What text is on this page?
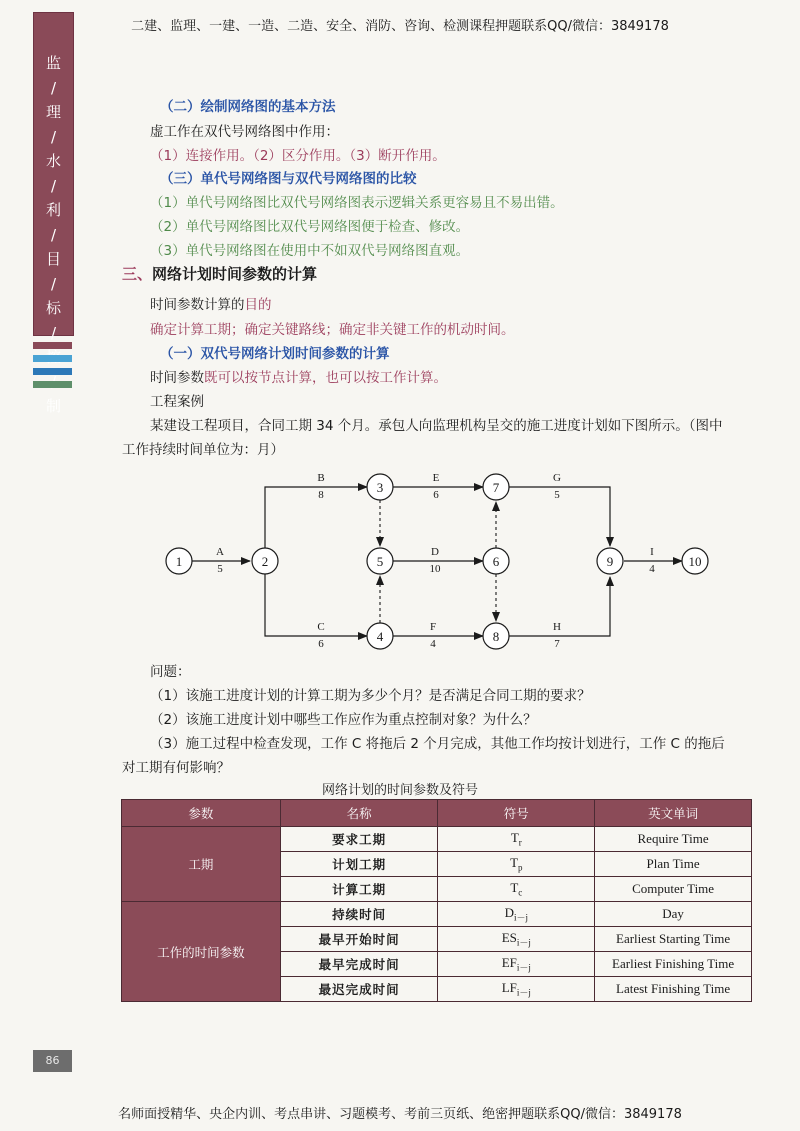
二建、监理、一建、一造、二造、安全、消防、咨询、检测课程押题联系QQ/微信：3849178
名师面授精华、央企内训、考点串讲、习题模考、考前三页纸、绝密押题联系QQ/微信：3849178
监
/
理
/
水
/
利
/
目
/
标
/

制
86
（二）绘制网络图的基本方法
虚工作在双代号网络图中作用：
（1）连接作用。（2）区分作用。（3）断开作用。
（三）单代号网络图与双代号网络图的比较
（1）单代号网络图比双代号网络图表示逻辑关系更容易且不易出错。
（2）单代号网络图比双代号网络图便于检查、修改。
（3）单代号网络图在使用中不如双代号网络图直观。
三、网络计划时间参数的计算
时间参数计算的目的
确定计算工期；确定关键路线；确定非关键工作的机动时间。
（一）双代号网络计划时间参数的计算
时间参数既可以按节点计算，也可以按工作计算。
工程案例
某建设工程项目，合同工期 34 个月。承包人向监理机构呈交的施工进度计划如下图所示。（图中
工作持续时间单位为：月）
1	2
3
4
5	6
7
8
9	10
A
5
B
8
C
6
D
10
E
6
F
4
G
5
H
7
I
4
问题：
（1）该施工进度计划的计算工期为多少个月？是否满足合同工期的要求？
（2）该施工进度计划中哪些工作应作为重点控制对象？为什么？
（3）施工过程中检查发现，工作 C 将拖后 2 个月完成，其他工作均按计划进行，工作 C 的拖后
对工期有何影响？
网络计划的时间参数及符号
参数	名称	符号	英文单词
工期	要求工期	$T_r$	Require Time
	计划工期	$T_p$	Plan Time
	计算工期	$T_c$	Computer Time
工作的时间参数	持续时间	$D_{i-j}$	Day
	最早开始时间	$ES_{i-j}$	Earliest Starting Time
	最早完成时间	$EF_{i-j}$	Earliest Finishing Time
	最迟完成时间	$LF_{i-j}$	Latest Finishing Time
